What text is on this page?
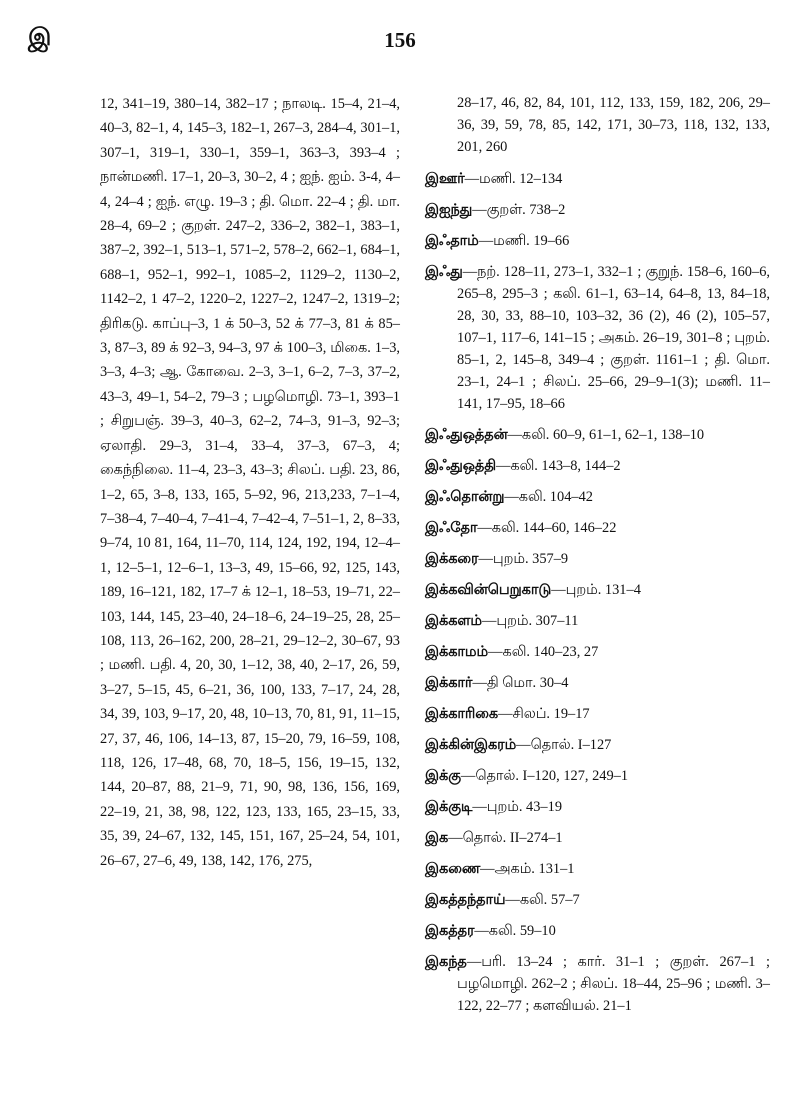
இ	156
12, 341–19, 380–14, 382–17 ; நாலடி. 15–4, 21–4, 40–3, 82–1, 4, 145–3, 182–1, 267–3, 284–4, 301–1, 307–1, 319–1, 330–1, 359–1, 363–3, 393–4 ; நான்மணி. 17–1, 20–3, 30–2, 4 ; ஐந். ஐம். 3-4, 4–4, 24–4 ; ஐந். எழு. 19–3 ; தி. மொ. 22–4 ; தி. மா. 28–4, 69–2 ; குறள். 247–2, 336–2, 382–1, 383–1, 387–2, 392–1, 513–1, 571–2, 578–2, 662–1, 684–1, 688–1, 952–1, 992–1, 1085–2, 1129–2, 1130–2, 1142–2, 1 47–2, 1220–2, 1227–2, 1247–2, 1319–2; திரிகடு. காப்பு–3, 1 க் 50–3, 52 க் 77–3, 81 க் 85–3, 87–3, 89 க் 92–3, 94–3, 97 க் 100–3, மிகை. 1–3, 3–3, 4–3; ஆ. கோவை. 2–3, 3–1, 6–2, 7–3, 37–2, 43–3, 49–1, 54–2, 79–3 ; பழமொழி. 73–1, 393–1 ; சிறுபஞ். 39–3, 40–3, 62–2, 74–3, 91–3, 92–3; ஏலாதி. 29–3, 31–4, 33–4, 37–3, 67–3, 4; கைந்நிலை. 11–4, 23–3, 43–3; சிலப். பதி. 23, 86, 1–2, 65, 3–8, 133, 165, 5–92, 96, 213,233, 7–1–4, 7–38–4, 7–40–4, 7–41–4, 7–42–4, 7–51–1, 2, 8–33, 9–74, 10 81, 164, 11–70, 114, 124, 192, 194, 12–4–1, 12–5–1, 12–6–1, 13–3, 49, 15–66, 92, 125, 143, 189, 16–121, 182, 17–7 க் 12–1, 18–53, 19–71, 22–103, 144, 145, 23–40, 24–18–6, 24–19–25, 28, 25–108, 113, 26–162, 200, 28–21, 29–12–2, 30–67, 93 ; மணி. பதி. 4, 20, 30, 1–12, 38, 40, 2–17, 26, 59, 3–27, 5–15, 45, 6–21, 36, 100, 133, 7–17, 24, 28, 34, 39, 103, 9–17, 20, 48, 10–13, 70, 81, 91, 11–15, 27, 37, 46, 106, 14–13, 87, 15–20, 79, 16–59, 108, 118, 126, 17–48, 68, 70, 18–5, 156, 19–15, 132, 144, 20–87, 88, 21–9, 71, 90, 98, 136, 156, 169, 22–19, 21, 38, 98, 122, 123, 133, 165, 23–15, 33, 35, 39, 24–67, 132, 145, 151, 167, 25–24, 54, 101, 26–67, 27–6, 49, 138, 142, 176, 275,
28–17, 46, 82, 84, 101, 112, 133, 159, 182, 206, 29–36, 39, 59, 78, 85, 142, 171, 30–73, 118, 132, 133, 201, 260
இஊர்—மணி. 12–134
இஐந்து—குறள். 738–2
இஃதாம்—மணி. 19–66
இஃது—நற். 128–11, 273–1, 332–1 ; குறுந். 158–6, 160–6, 265–8, 295–3 ; கலி. 61–1, 63–14, 64–8, 13, 84–18, 28, 30, 33, 88–10, 103–32, 36 (2), 46 (2), 105–57, 107–1, 117–6, 141–15 ; அகம். 26–19, 301–8 ; புறம். 85–1, 2, 145–8, 349–4 ; குறள். 1161–1 ; தி. மொ. 23–1, 24–1 ; சிலப். 25–66, 29–9–1(3); மணி. 11–141, 17–95, 18–66
இஃதுஒத்தன்—கலி. 60–9, 61–1, 62–1, 138–10
இஃதுஒத்தி—கலி. 143–8, 144–2
இஃதொன்று—கலி. 104–42
இஃதோ—கலி. 144–60, 146–22
இக்கரை—புறம். 357–9
இக்கவின்பெறுகாடு—புறம். 131–4
இக்களம்—புறம். 307–11
இக்காமம்—கலி. 140–23, 27
இக்கார்—தி மொ. 30–4
இக்காரிகை—சிலப். 19–17
இக்கின்இகரம்—தொல். I–127
இக்கு—தொல். I–120, 127, 249–1
இக்குடி—புறம். 43–19
இக—தொல். II–274–1
இகணை—அகம். 131–1
இகத்தந்தாய்—கலி. 57–7
இகத்தர—கலி. 59–10
இகந்த—பரி. 13–24 ; கார். 31–1 ; குறள். 267–1 ; பழமொழி. 262–2 ; சிலப். 18–44, 25–96 ; மணி. 3–122, 22–77 ; களவியல். 21–1
